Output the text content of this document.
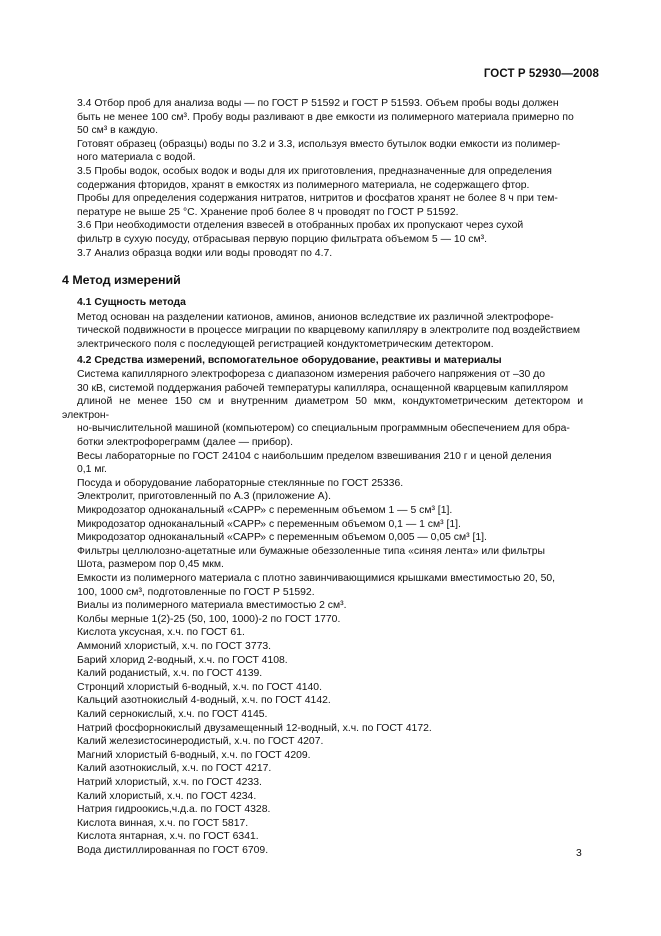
ГОСТ Р 52930—2008

3.4 Отбор проб для анализа воды — по ГОСТ Р 51592 и ГОСТ Р 51593. Объем пробы воды должен
быть не менее 100 см³. Пробу воды разливают в две емкости из полимерного материала примерно по
50 см³ в каждую.

Готовят образец (образцы) воды по 3.2 и 3.3, используя вместо бутылок водки емкости из полимер-
ного материала с водой.

3.5 Пробы водок, особых водок и воды для их приготовления, предназначенные для определения
содержания фторидов, хранят в емкостях из полимерного материала, не содержащего фтор.

Пробы для определения содержания нитратов, нитритов и фосфатов хранят не более 8 ч при тем-
пературе не выше 25 °С. Хранение проб более 8 ч проводят по ГОСТ Р 51592.

3.6 При необходимости отделения взвесей в отобранных пробах их пропускают через сухой
фильтр в сухую посуду, отбрасывая первую порцию фильтрата объемом 5 — 10 см³.

3.7 Анализ образца водки или воды проводят по 4.7.

4 Метод измерений
4.1 Сущность метода

Метод основан на разделении катионов, аминов, анионов вследствие их различной электрофоре-
тической подвижности в процессе миграции по кварцевому капилляру в электролите под воздействием
электрического поля с последующей регистрацией кондуктометрическим детектором.

4.2 Средства измерений, вспомогательное оборудование, реактивы и материалы

Система капиллярного электрофореза с диапазоном измерения рабочего напряжения от –30 до
30 кВ, системой поддержания рабочей температуры капилляра, оснащенной кварцевым капилляром
длиной не менее 150 см и внутренним диаметром 50 мкм, кондуктометрическим детектором и электрон-
но-вычислительной машиной (компьютером) со специальным программным обеспечением для обра-
ботки электрофореграмм (далее — прибор).

Весы лабораторные по ГОСТ 24104 с наибольшим пределом взвешивания 210 г и ценой деления
0,1 мг.

Посуда и оборудование лабораторные стеклянные по ГОСТ 25336.

Электролит, приготовленный по А.3 (приложение А).

Микродозатор одноканальный «САРР» с переменным объемом 1 — 5 см³ [1].

Микродозатор одноканальный «САРР» с переменным объемом 0,1 — 1 см³ [1].

Микродозатор одноканальный «САРР» с переменным объемом 0,005 — 0,05 см³ [1].

Фильтры целлюлозно-ацетатные или бумажные обеззоленные типа «синяя лента» или фильтры
Шота, размером пор 0,45 мкм.

Емкости из полимерного материала с плотно завинчивающимися крышками вместимостью 20, 50,
100, 1000 см³, подготовленные по ГОСТ Р 51592.

Виалы из полимерного материала вместимостью 2 см³.

Колбы мерные 1(2)-25 (50, 100, 1000)-2 по ГОСТ 1770.

Кислота уксусная, х.ч. по ГОСТ 61.
Аммоний хлористый, х.ч. по ГОСТ 3773.
Барий хлорид 2-водный, х.ч. по ГОСТ 4108.
Калий роданистый, х.ч. по ГОСТ 4139.
Стронций хлористый 6-водный, х.ч. по ГОСТ 4140.
Кальций азотнокислый 4-водный, х.ч. по ГОСТ 4142.
Калий сернокислый, х.ч. по ГОСТ 4145.
Натрий фосфорнокислый двузамещенный 12-водный, х.ч. по ГОСТ 4172.
Калий железистосинеродистый, х.ч. по ГОСТ 4207.
Магний хлористый 6-водный, х.ч. по ГОСТ 4209.
Калий азотнокислый, х.ч. по ГОСТ 4217.
Натрий хлористый, х.ч. по ГОСТ 4233.
Калий хлористый, х.ч. по ГОСТ 4234.
Натрия гидроокись,ч.д.а. по ГОСТ 4328.
Кислота винная, х.ч. по ГОСТ 5817.
Кислота янтарная, х.ч. по ГОСТ 6341.
Вода дистиллированная по ГОСТ 6709.	3
